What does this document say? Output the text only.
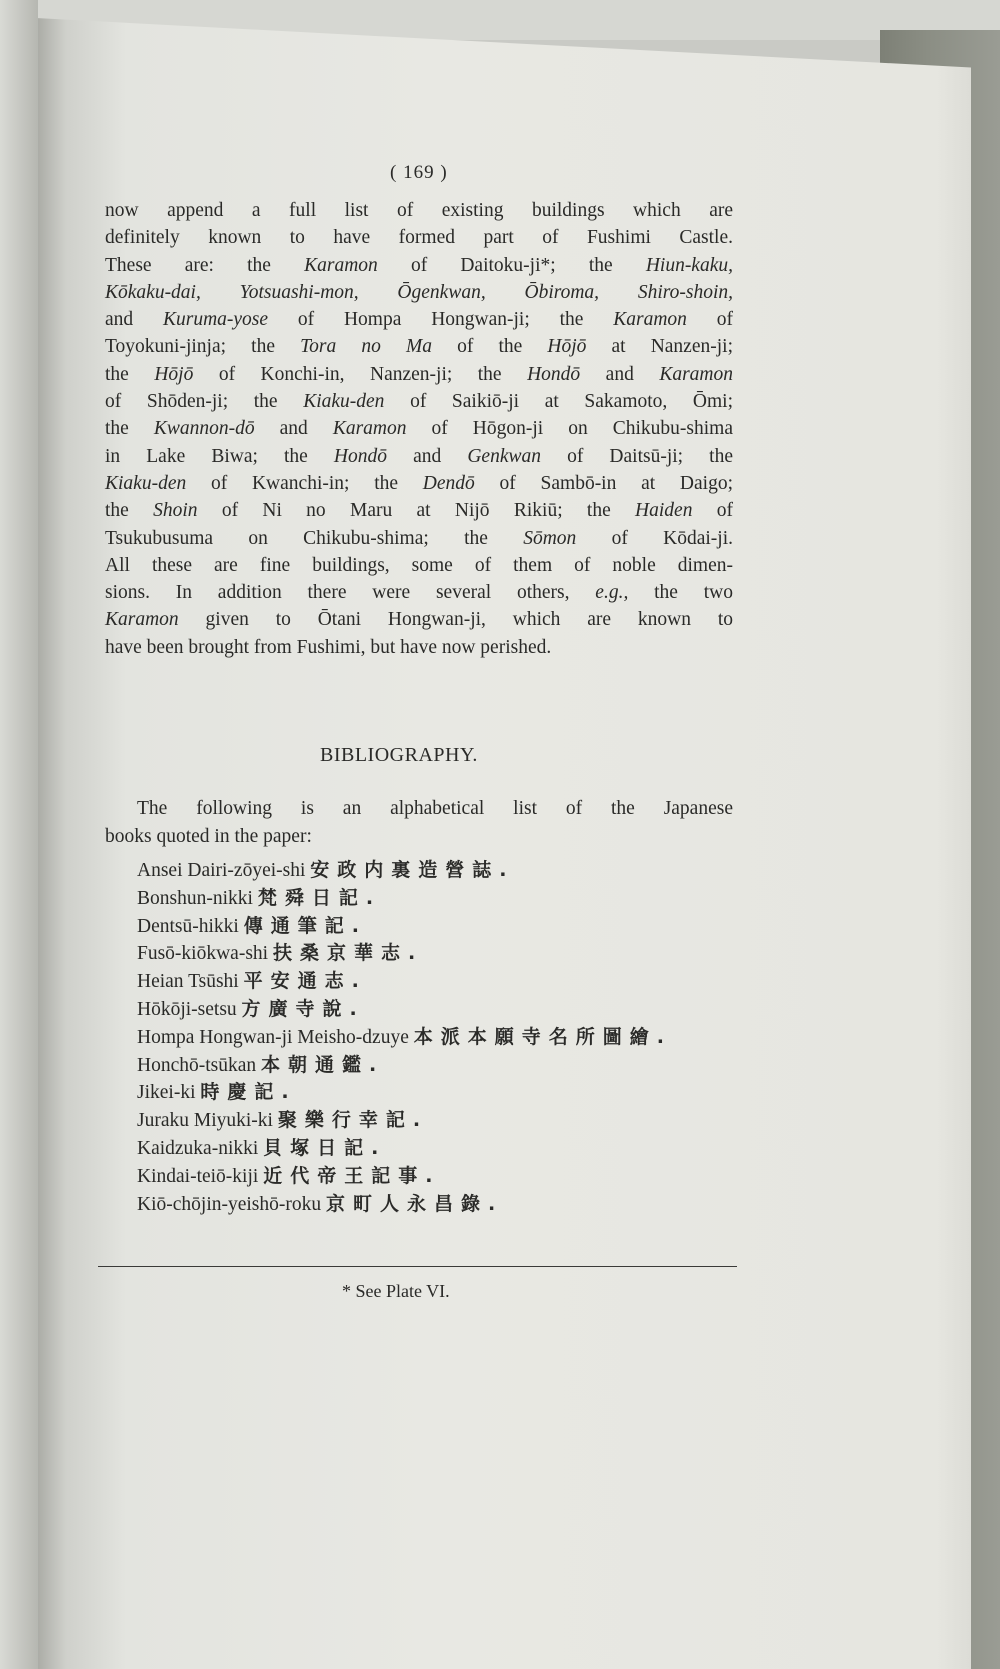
( 169 )
now append a full list of existing buildings which are
definitely known to have formed part of Fushimi Castle.
These are: the Karamon of Daitoku-ji*; the Hiun-kaku,
Kōkaku-dai, Yotsuashi-mon, Ōgenkwan, Ōbiroma, Shiro-shoin,
and Kuruma-yose of Hompa Hongwan-ji; the Karamon of
Toyokuni-jinja; the Tora no Ma of the Hōjō at Nanzen-ji;
the Hōjō of Konchi-in, Nanzen-ji; the Hondō and Karamon
of Shōden-ji; the Kiaku-den of Saikiō-ji at Sakamoto, Ōmi;
the Kwannon-dō and Karamon of Hōgon-ji on Chikubu-shima
in Lake Biwa; the Hondō and Genkwan of Daitsū-ji; the
Kiaku-den of Kwanchi-in; the Dendō of Sambō-in at Daigo;
the Shoin of Ni no Maru at Nijō Rikiū; the Haiden of
Tsukubusuma on Chikubu-shima; the Sōmon of Kōdai-ji.
All these are fine buildings, some of them of noble dimen-
sions. In addition there were several others, e.g., the two
Karamon given to Ōtani Hongwan-ji, which are known to
have been brought from Fushimi, but have now perished.
BIBLIOGRAPHY.
The following is an alphabetical list of the Japanese
books quoted in the paper:
Ansei Dairi-zōyei-shi 安政内裏造營誌.
Bonshun-nikki 梵舜日記.
Dentsū-hikki 傳通筆記.
Fusō-kiōkwa-shi 扶桑京華志.
Heian Tsūshi 平安通志.
Hōkōji-setsu 方廣寺說.
Hompa Hongwan-ji Meisho-dzuye 本派本願寺名所圖繪.
Honchō-tsūkan 本朝通鑑.
Jikei-ki 時慶記.
Juraku Miyuki-ki 聚樂行幸記.
Kaidzuka-nikki 貝塚日記.
Kindai-teiō-kiji 近代帝王記事.
Kiō-chōjin-yeishō-roku 京町人永昌錄.
* See Plate VI.
